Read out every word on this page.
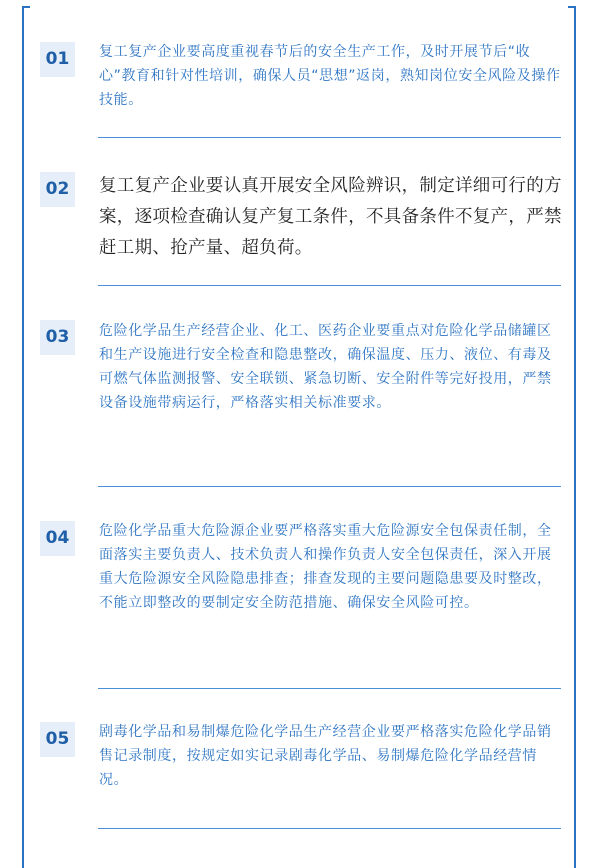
01	复工复产企业要高度重视春节后的安全生产工作，及时开展节后“收心”教育和针对性培训，确保人员“思想”返岗，熟知岗位安全风险及操作技能。

02	复工复产企业要认真开展安全风险辨识，制定详细可行的方案，逐项检查确认复产复工条件，不具备条件不复产，严禁赶工期、抢产量、超负荷。

03	危险化学品生产经营企业、化工、医药企业要重点对危险化学品储罐区和生产设施进行安全检查和隐患整改，确保温度、压力、液位、有毒及可燃气体监测报警、安全联锁、紧急切断、安全附件等完好投用，严禁设备设施带病运行，严格落实相关标准要求。

04	危险化学品重大危险源企业要严格落实重大危险源安全包保责任制，全面落实主要负责人、技术负责人和操作负责人安全包保责任，深入开展重大危险源安全风险隐患排查；排查发现的主要问题隐患要及时整改，不能立即整改的要制定安全防范措施、确保安全风险可控。

05	剧毒化学品和易制爆危险化学品生产经营企业要严格落实危险化学品销售记录制度，按规定如实记录剧毒化学品、易制爆危险化学品经营情况。
